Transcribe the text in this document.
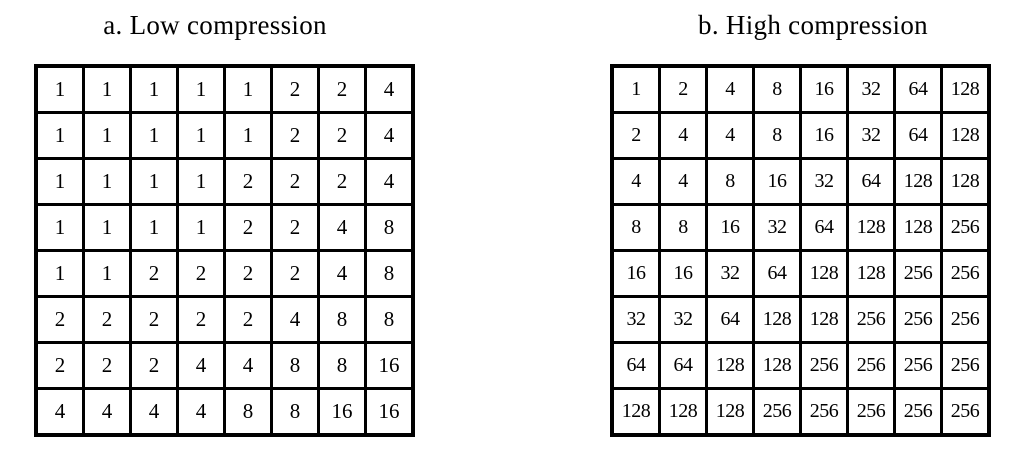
a. Low compression
1	1	1	1	1	2	2	4
1	1	1	1	1	2	2	4
1	1	1	1	2	2	2	4
1	1	1	1	2	2	4	8
1	1	2	2	2	2	4	8
2	2	2	2	2	4	8	8
2	2	2	4	4	8	8	16
4	4	4	4	8	8	16	16
b. High compression
1	2	4	8	16	32	64	128
2	4	4	8	16	32	64	128
4	4	8	16	32	64	128	128
8	8	16	32	64	128	128	256
16	16	32	64	128	128	256	256
32	32	64	128	128	256	256	256
64	64	128	128	256	256	256	256
128	128	128	256	256	256	256	256
